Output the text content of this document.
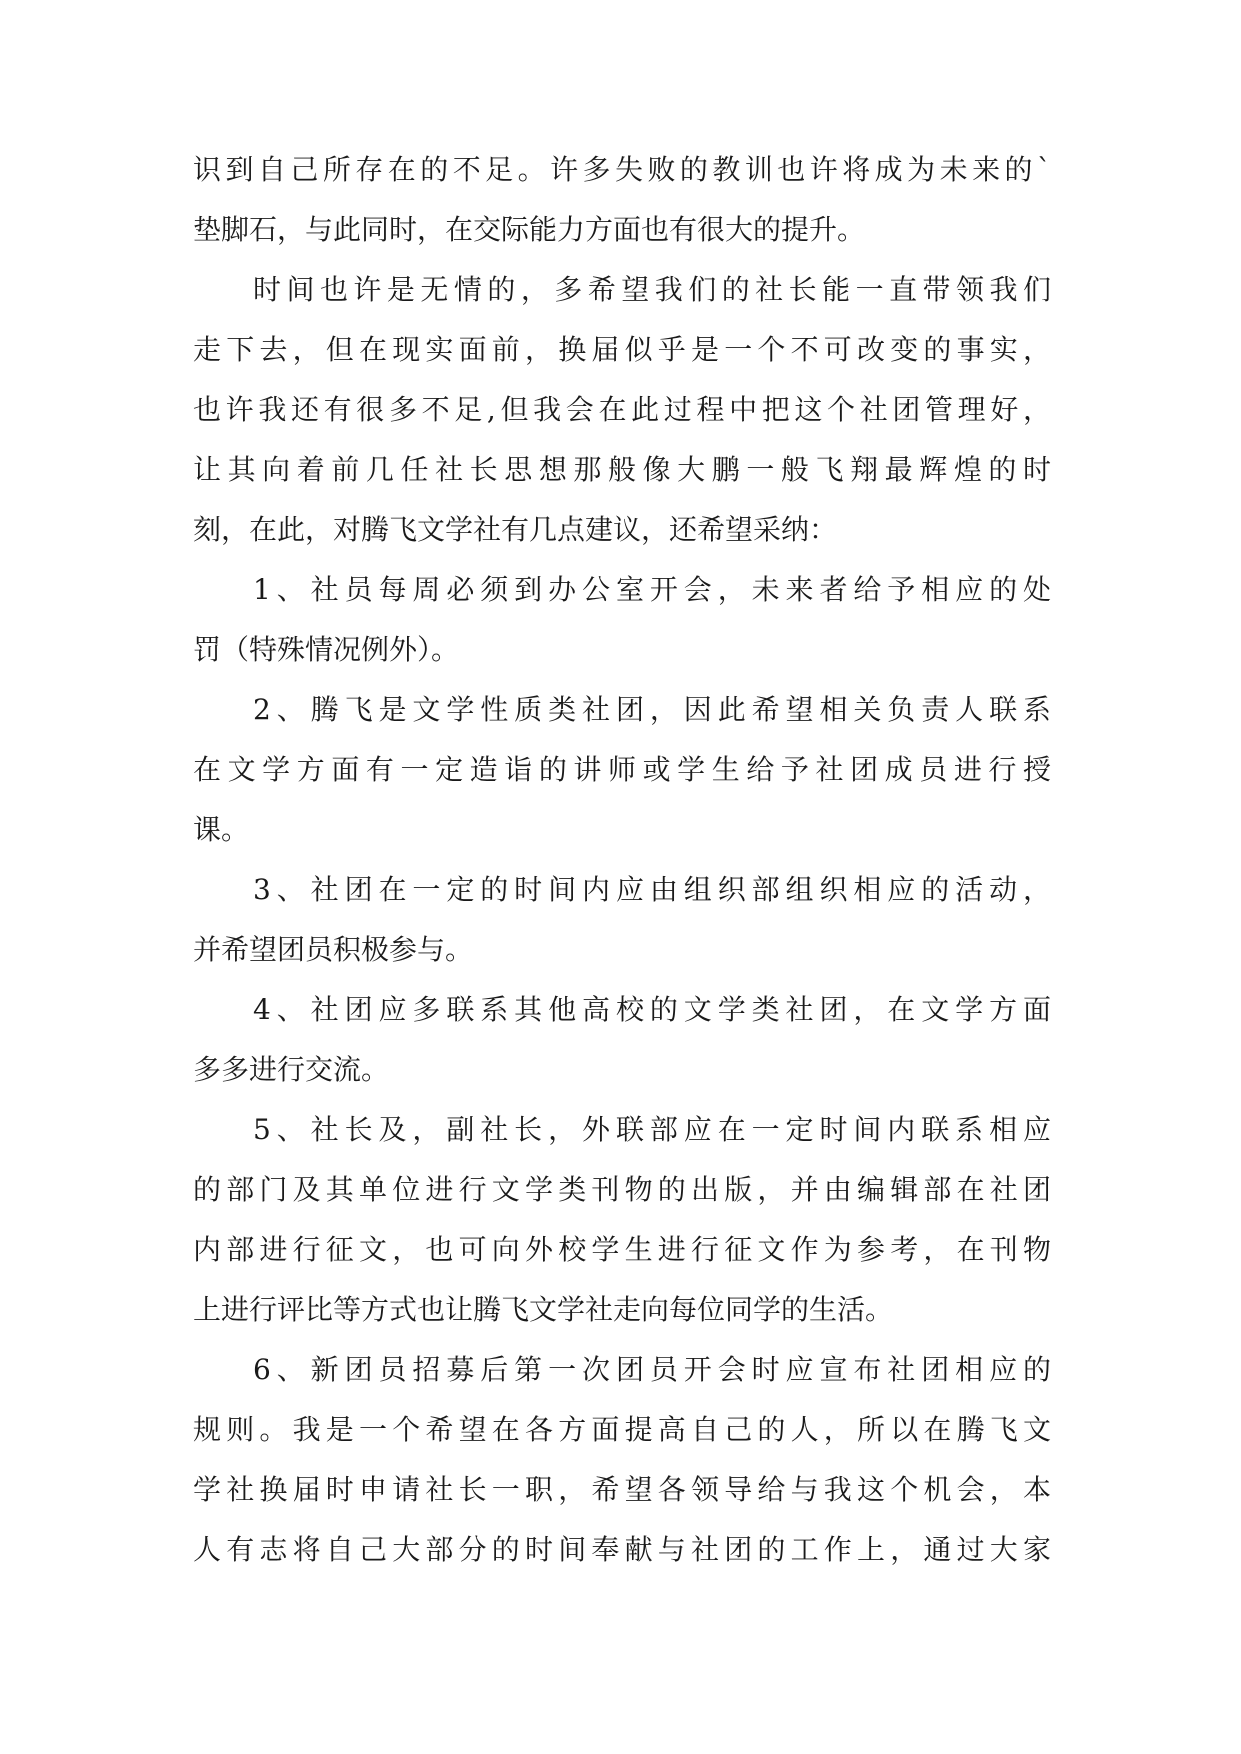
识到自己所存在的不足。许多失败的教训也许将成为未来的`
垫脚石，与此同时，在交际能力方面也有很大的提升。
时间也许是无情的，多希望我们的社长能一直带领我们
走下去，但在现实面前，换届似乎是一个不可改变的事实，
也许我还有很多不足,但我会在此过程中把这个社团管理好，
让其向着前几任社长思想那般像大鹏一般飞翔最辉煌的时
刻，在此，对腾飞文学社有几点建议，还希望采纳：
1、社员每周必须到办公室开会，未来者给予相应的处
罚（特殊情况例外）。
2、腾飞是文学性质类社团，因此希望相关负责人联系
在文学方面有一定造诣的讲师或学生给予社团成员进行授
课。
3、社团在一定的时间内应由组织部组织相应的活动，
并希望团员积极参与。
4、社团应多联系其他高校的文学类社团，在文学方面
多多进行交流。
5、社长及，副社长，外联部应在一定时间内联系相应
的部门及其单位进行文学类刊物的出版，并由编辑部在社团
内部进行征文，也可向外校学生进行征文作为参考，在刊物
上进行评比等方式也让腾飞文学社走向每位同学的生活。
6、新团员招募后第一次团员开会时应宣布社团相应的
规则。我是一个希望在各方面提高自己的人，所以在腾飞文
学社换届时申请社长一职，希望各领导给与我这个机会，本
人有志将自己大部分的时间奉献与社团的工作上，通过大家
